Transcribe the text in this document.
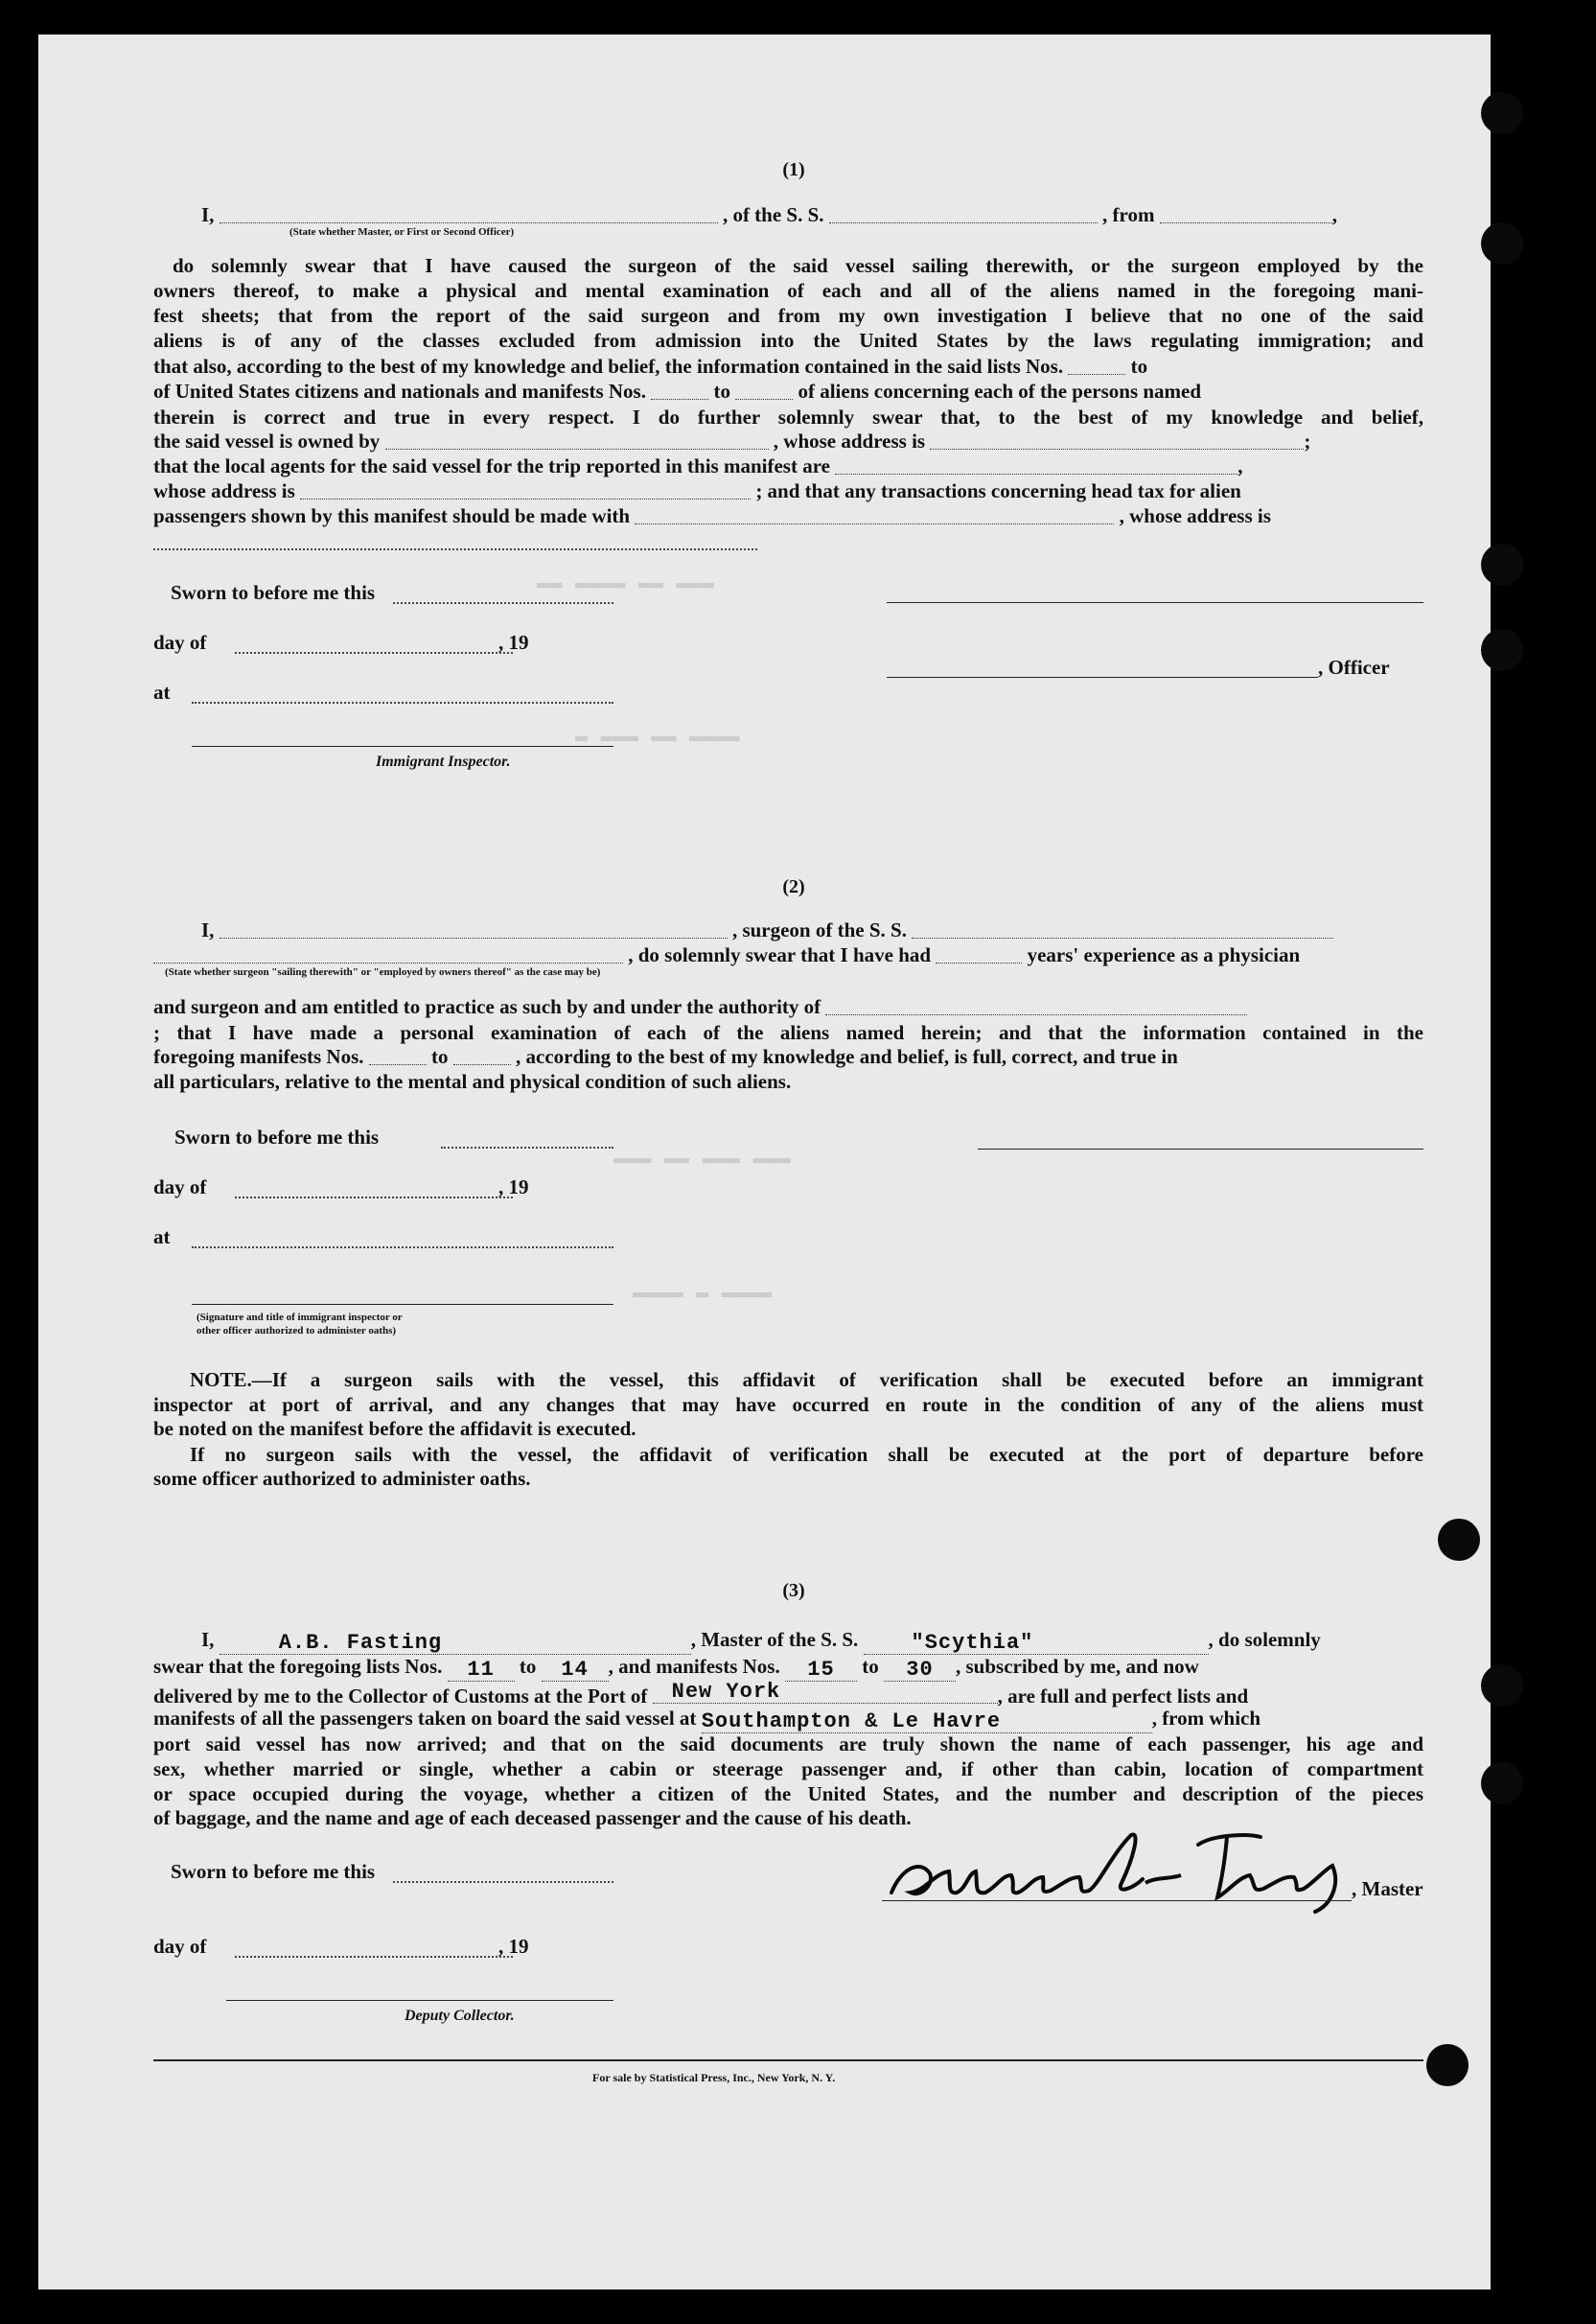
▬▬▬ ▬▬ ▬▬▬▬ ▬▬
▬▬▬▬ ▬▬ ▬▬▬ ▬
▬▬▬ ▬▬▬ ▬▬ ▬▬▬
▬▬▬▬ ▬ ▬▬▬▬
(1)
I,	, of the S. S.	, from	,
(State whether Master, or First or Second Officer)
do solemnly swear that I have caused the surgeon of the said vessel sailing therewith, or the surgeon employed by the
owners thereof, to make a physical and mental examination of each and all of the aliens named in the foregoing mani-
fest sheets; that from the report of the said surgeon and from my own investigation I believe that no one of the said
aliens is of any of the classes excluded from admission into the United States by the laws regulating immigration; and
that also, according to the best of my knowledge and belief, the information contained in the said lists Nos.	to
of United States citizens and nationals and manifests Nos.	to	of aliens concerning each of the persons named
therein is correct and true in every respect. I do further solemnly swear that, to the best of my knowledge and belief,
the said vessel is owned by	, whose address is	;
that the local agents for the said vessel for the trip reported in this manifest are	,
whose address is	; and that any transactions concerning head tax for alien
passengers shown by this manifest should be made with	, whose address is
Sworn to before me this
day of	, 19
, Officer
at
Immigrant Inspector.
(2)
I,	, surgeon of the S. S.
, do solemnly swear that I have had	years' experience as a physician
(State whether surgeon "sailing therewith" or "employed by owners thereof" as the case may be)
and surgeon and am entitled to practice as such by and under the authority of
; that I have made a personal examination of each of the aliens named herein; and that the information contained in the
foregoing manifests Nos.	to	, according to the best of my knowledge and belief, is full, correct, and true in
all particulars, relative to the mental and physical condition of such aliens.
Sworn to before me this
day of	, 19
at
(Signature and title of immigrant inspector or
other officer authorized to administer oaths)
NOTE.—If a surgeon sails with the vessel, this affidavit of verification shall be executed before an immigrant
inspector at port of arrival, and any changes that may have occurred en route in the condition of any of the aliens must
be noted on the manifest before the affidavit is executed.
If no surgeon sails with the vessel, the affidavit of verification shall be executed at the port of departure before
some officer authorized to administer oaths.
(3)
I,	A.B. Fasting	, Master of the S. S.	"Scythia"	, do solemnly
swear that the foregoing lists Nos. 11 to 14 , and manifests Nos. 15 to 30 , subscribed by me, and now
delivered by me to the Collector of Customs at the Port of New York	, are full and perfect lists and
manifests of all the passengers taken on board the said vessel at Southampton & Le Havre	, from which
port said vessel has now arrived; and that on the said documents are truly shown the name of each passenger, his age and
sex, whether married or single, whether a cabin or steerage passenger and, if other than cabin, location of compartment
or space occupied during the voyage, whether a citizen of the United States, and the number and description of the pieces
of baggage, and the name and age of each deceased passenger and the cause of his death.
Sworn to before me this
, Master
day of	, 19
Deputy Collector.
For sale by Statistical Press, Inc., New York, N. Y.
